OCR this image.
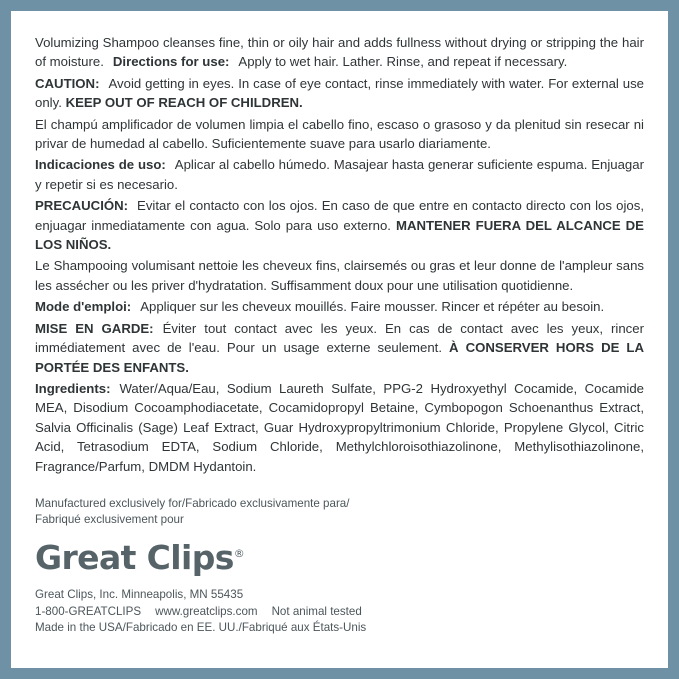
Volumizing Shampoo cleanses fine, thin or oily hair and adds fullness without drying or stripping the hair of moisture. Directions for use: Apply to wet hair. Lather. Rinse, and repeat if necessary.

CAUTION: Avoid getting in eyes. In case of eye contact, rinse immediately with water. For external use only. KEEP OUT OF REACH OF CHILDREN.

El champú amplificador de volumen limpia el cabello fino, escaso o grasoso y da plenitud sin resecar ni privar de humedad al cabello. Suficientemente suave para usarlo diariamente.

Indicaciones de uso: Aplicar al cabello húmedo. Masajear hasta generar suficiente espuma. Enjuagar y repetir si es necesario.

PRECAUCIÓN: Evitar el contacto con los ojos. En caso de que entre en contacto directo con los ojos, enjuagar inmediatamente con agua. Solo para uso externo. MANTENER FUERA DEL ALCANCE DE LOS NIÑOS.

Le Shampooing volumisant nettoie les cheveux fins, clairsemés ou gras et leur donne de l'ampleur sans les assécher ou les priver d'hydratation. Suffisamment doux pour une utilisation quotidienne.

Mode d'emploi: Appliquer sur les cheveux mouillés. Faire mousser. Rincer et répéter au besoin.

MISE EN GARDE: Éviter tout contact avec les yeux. En cas de contact avec les yeux, rincer immédiatement avec de l'eau. Pour un usage externe seulement. À CONSERVER HORS DE LA PORTÉE DES ENFANTS.

Ingredients: Water/Aqua/Eau, Sodium Laureth Sulfate, PPG-2 Hydroxyethyl Cocamide, Cocamide MEA, Disodium Cocoamphodiacetate, Cocamidopropyl Betaine, Cymbopogon Schoenanthus Extract, Salvia Officinalis (Sage) Leaf Extract, Guar Hydroxypropyltrimonium Chloride, Propylene Glycol, Citric Acid, Tetrasodium EDTA, Sodium Chloride, Methylchloroisothiazolinone, Methylisothiazolinone, Fragrance/Parfum, DMDM Hydantoin.

Manufactured exclusively for/Fabricado exclusivamente para/
Fabriqué exclusivement pour
Great Clips®
Great Clips, Inc. Minneapolis, MN 55435
1-800-GREATCLIPS www.greatclips.com Not animal tested
Made in the USA/Fabricado en EE. UU./Fabriqué aux États-Unis
